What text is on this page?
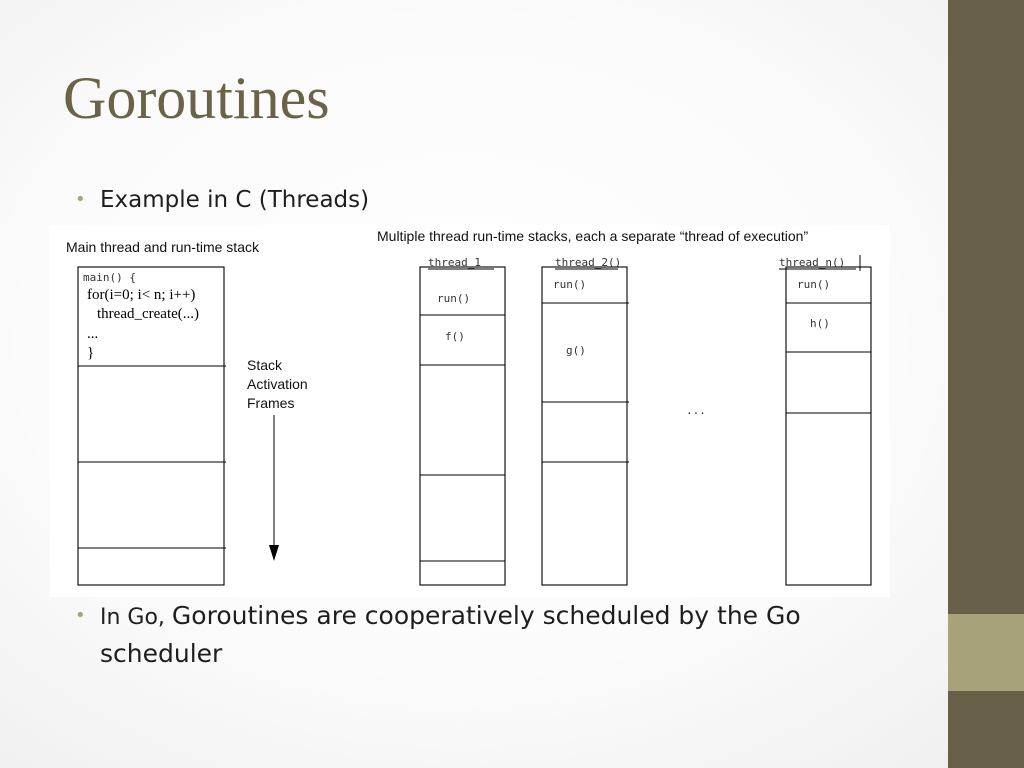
Goroutines
• Example in C (Threads)
Main thread and run-time stack
main() {
for(i=0; i< n; i++)
thread_create(...)
...
}
Stack
Activation
Frames
Multiple thread run-time stacks, each a separate “thread of execution”
thread_1
run()
f()
thread_2()
run()
g()
...
thread_n()
run()
h()
• In Go, Goroutines are cooperatively scheduled by the Go scheduler
